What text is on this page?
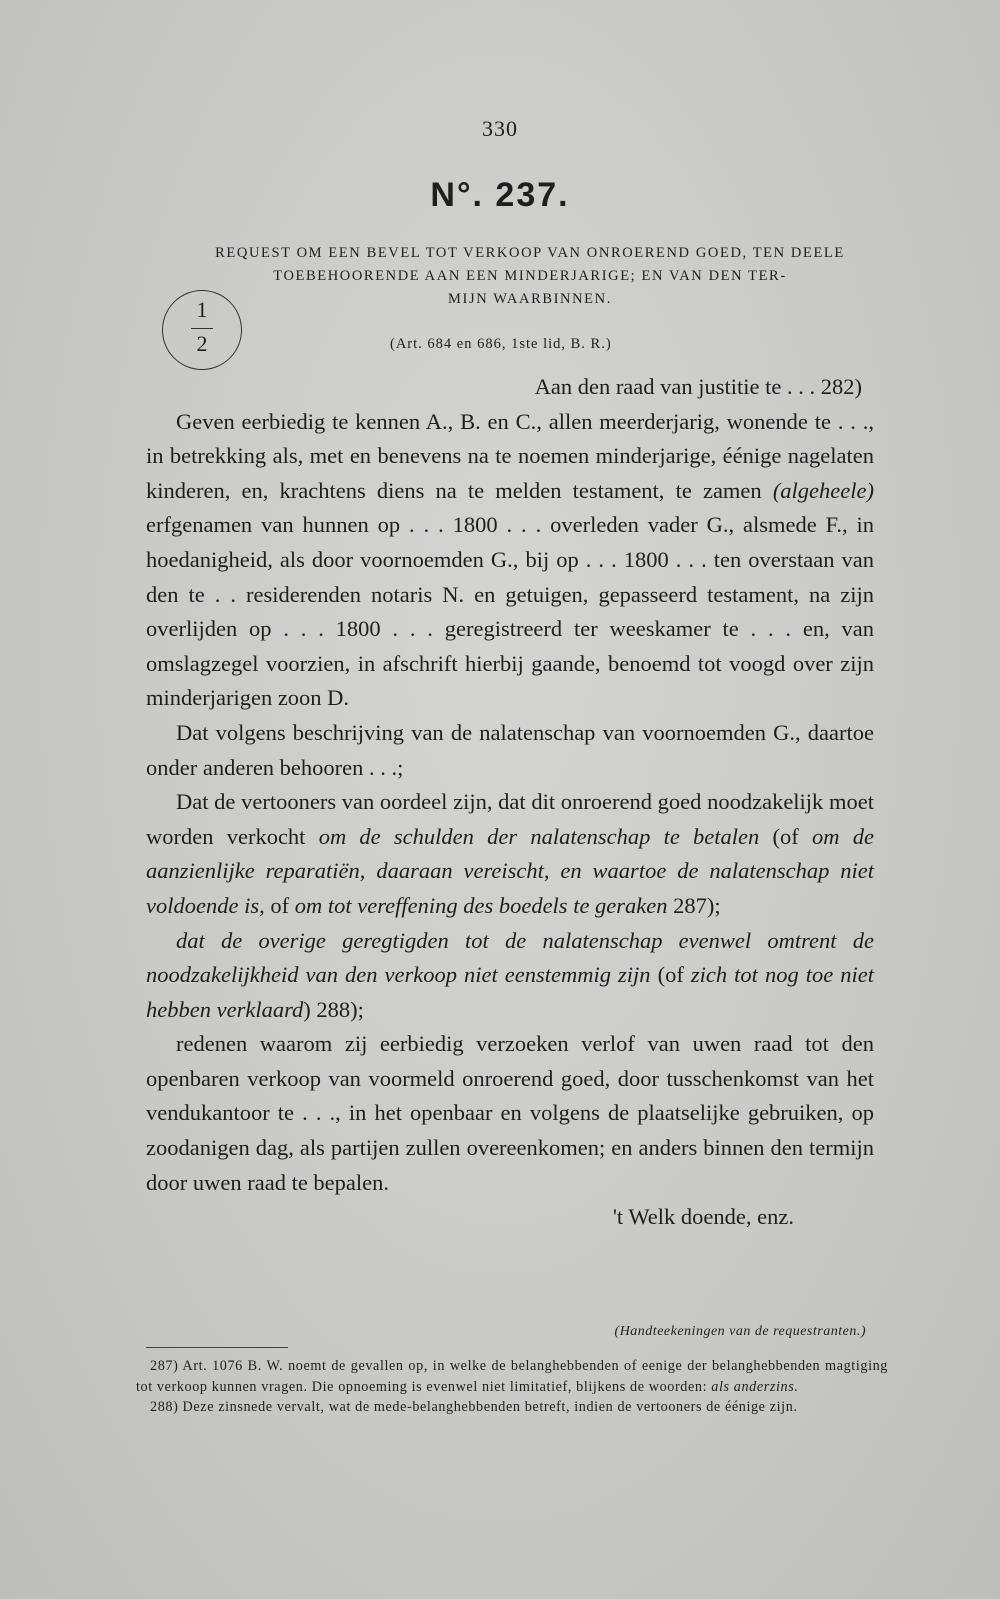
330
N°. 237.
REQUEST OM EEN BEVEL TOT VERKOOP VAN ONROEREND GOED, TEN DEELE
TOEBEHOORENDE AAN EEN MINDERJARIGE; EN VAN DEN TER-
MIJN WAARBINNEN.
1
2	(Art. 684 en 686, 1ste lid, B. R.)

Aan den raad van justitie te . . . 282)

Geven eerbiedig te kennen A., B. en C., allen meerderjarig, wonende te . . ., in betrekking als, met en benevens na te noemen minderjarige, éénige nagelaten kinderen, en, krachtens diens na te melden testament, te zamen (algeheele) erfgenamen van hunnen op . . . 1800 . . . overleden vader G., alsmede F., in hoedanigheid, als door voornoemden G., bij op . . . 1800 . . . ten overstaan van den te . . residerenden notaris N. en getuigen, gepasseerd testament, na zijn overlijden op . . . 1800 . . . geregistreerd ter weeskamer te . . . en, van omslagzegel voorzien, in afschrift hierbij gaande, benoemd tot voogd over zijn minderjarigen zoon D.

Dat volgens beschrijving van de nalatenschap van voornoemden G., daartoe onder anderen behooren . . .;

Dat de vertooners van oordeel zijn, dat dit onroerend goed noodzakelijk moet worden verkocht om de schulden der nalatenschap te betalen (of om de aanzienlijke reparatiën, daaraan vereischt, en waartoe de nalatenschap niet voldoende is, of om tot vereffening des boedels te geraken 287);

dat de overige geregtigden tot de nalatenschap evenwel omtrent de noodzakelijkheid van den verkoop niet eenstemmig zijn (of zich tot nog toe niet hebben verklaard) 288);

redenen waarom zij eerbiedig verzoeken verlof van uwen raad tot den openbaren verkoop van voormeld onroerend goed, door tusschenkomst van het vendukantoor te . . ., in het openbaar en volgens de plaatselijke gebruiken, op zoodanigen dag, als partijen zullen overeenkomen; en anders binnen den termijn door uwen raad te bepalen.

't Welk doende, enz.

(Handteekeningen van de requestranten.)

287) Art. 1076 B. W. noemt de gevallen op, in welke de belanghebbenden of eenige der belanghebbenden magtiging tot verkoop kunnen vragen. Die opnoeming is evenwel niet limitatief, blijkens de woorden: als anderzins.

288) Deze zinsnede vervalt, wat de mede-belanghebbenden betreft, indien de vertooners de éénige zijn.
